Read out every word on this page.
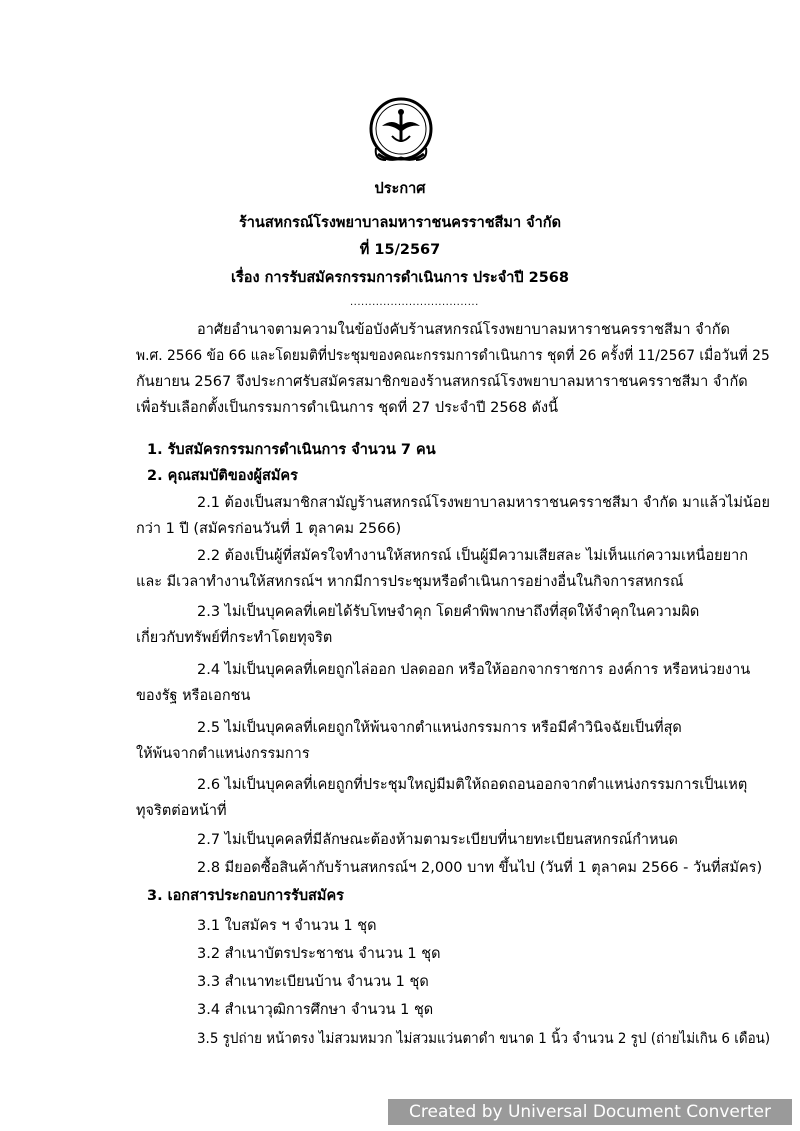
ประกาศ
ร้านสหกรณ์โรงพยาบาลมหาราชนครราชสีมา จำกัด
ที่ 15/2567
เรื่อง การรับสมัครกรรมการดำเนินการ ประจำปี 2568
...................................
อาศัยอำนาจตามความในข้อบังคับร้านสหกรณ์โรงพยาบาลมหาราชนครราชสีมา จำกัด
พ.ศ. 2566 ข้อ 66 และโดยมติที่ประชุมของคณะกรรมการดำเนินการ ชุดที่ 26 ครั้งที่ 11/2567 เมื่อวันที่ 25
กันยายน 2567 จึงประกาศรับสมัครสมาชิกของร้านสหกรณ์โรงพยาบาลมหาราชนครราชสีมา จำกัด
เพื่อรับเลือกตั้งเป็นกรรมการดำเนินการ ชุดที่ 27 ประจำปี 2568 ดังนี้
1. รับสมัครกรรมการดำเนินการ จำนวน 7 คน
2. คุณสมบัติของผู้สมัคร
2.1 ต้องเป็นสมาชิกสามัญร้านสหกรณ์โรงพยาบาลมหาราชนครราชสีมา จำกัด มาแล้วไม่น้อย
กว่า 1 ปี (สมัครก่อนวันที่ 1 ตุลาคม 2566)
2.2 ต้องเป็นผู้ที่สมัครใจทำงานให้สหกรณ์ เป็นผู้มีความเสียสละ ไม่เห็นแก่ความเหนื่อยยาก
และ มีเวลาทำงานให้สหกรณ์ฯ หากมีการประชุมหรือดำเนินการอย่างอื่นในกิจการสหกรณ์
2.3 ไม่เป็นบุคคลที่เคยได้รับโทษจำคุก โดยคำพิพากษาถึงที่สุดให้จำคุกในความผิด
เกี่ยวกับทรัพย์ที่กระทำโดยทุจริต
2.4 ไม่เป็นบุคคลที่เคยถูกไล่ออก ปลดออก หรือให้ออกจากราชการ องค์การ หรือหน่วยงาน
ของรัฐ หรือเอกชน
2.5 ไม่เป็นบุคคลที่เคยถูกให้พ้นจากตำแหน่งกรรมการ หรือมีคำวินิจฉัยเป็นที่สุด
ให้พ้นจากตำแหน่งกรรมการ
2.6 ไม่เป็นบุคคลที่เคยถูกที่ประชุมใหญ่มีมติให้ถอดถอนออกจากตำแหน่งกรรมการเป็นเหตุ
ทุจริตต่อหน้าที่
2.7 ไม่เป็นบุคคลที่มีลักษณะต้องห้ามตามระเบียบที่นายทะเบียนสหกรณ์กำหนด
2.8 มียอดซื้อสินค้ากับร้านสหกรณ์ฯ 2,000 บาท ขึ้นไป (วันที่ 1 ตุลาคม 2566 - วันที่สมัคร)
3. เอกสารประกอบการรับสมัคร
3.1 ใบสมัคร ฯ จำนวน 1 ชุด
3.2 สำเนาบัตรประชาชน จำนวน 1 ชุด
3.3 สำเนาทะเบียนบ้าน จำนวน 1 ชุด
3.4 สำเนาวุฒิการศึกษา จำนวน 1 ชุด
3.5 รูปถ่าย หน้าตรง ไม่สวมหมวก ไม่สวมแว่นตาดำ ขนาด 1 นิ้ว จำนวน 2 รูป (ถ่ายไม่เกิน 6 เดือน)
Created by Universal Document Converter
